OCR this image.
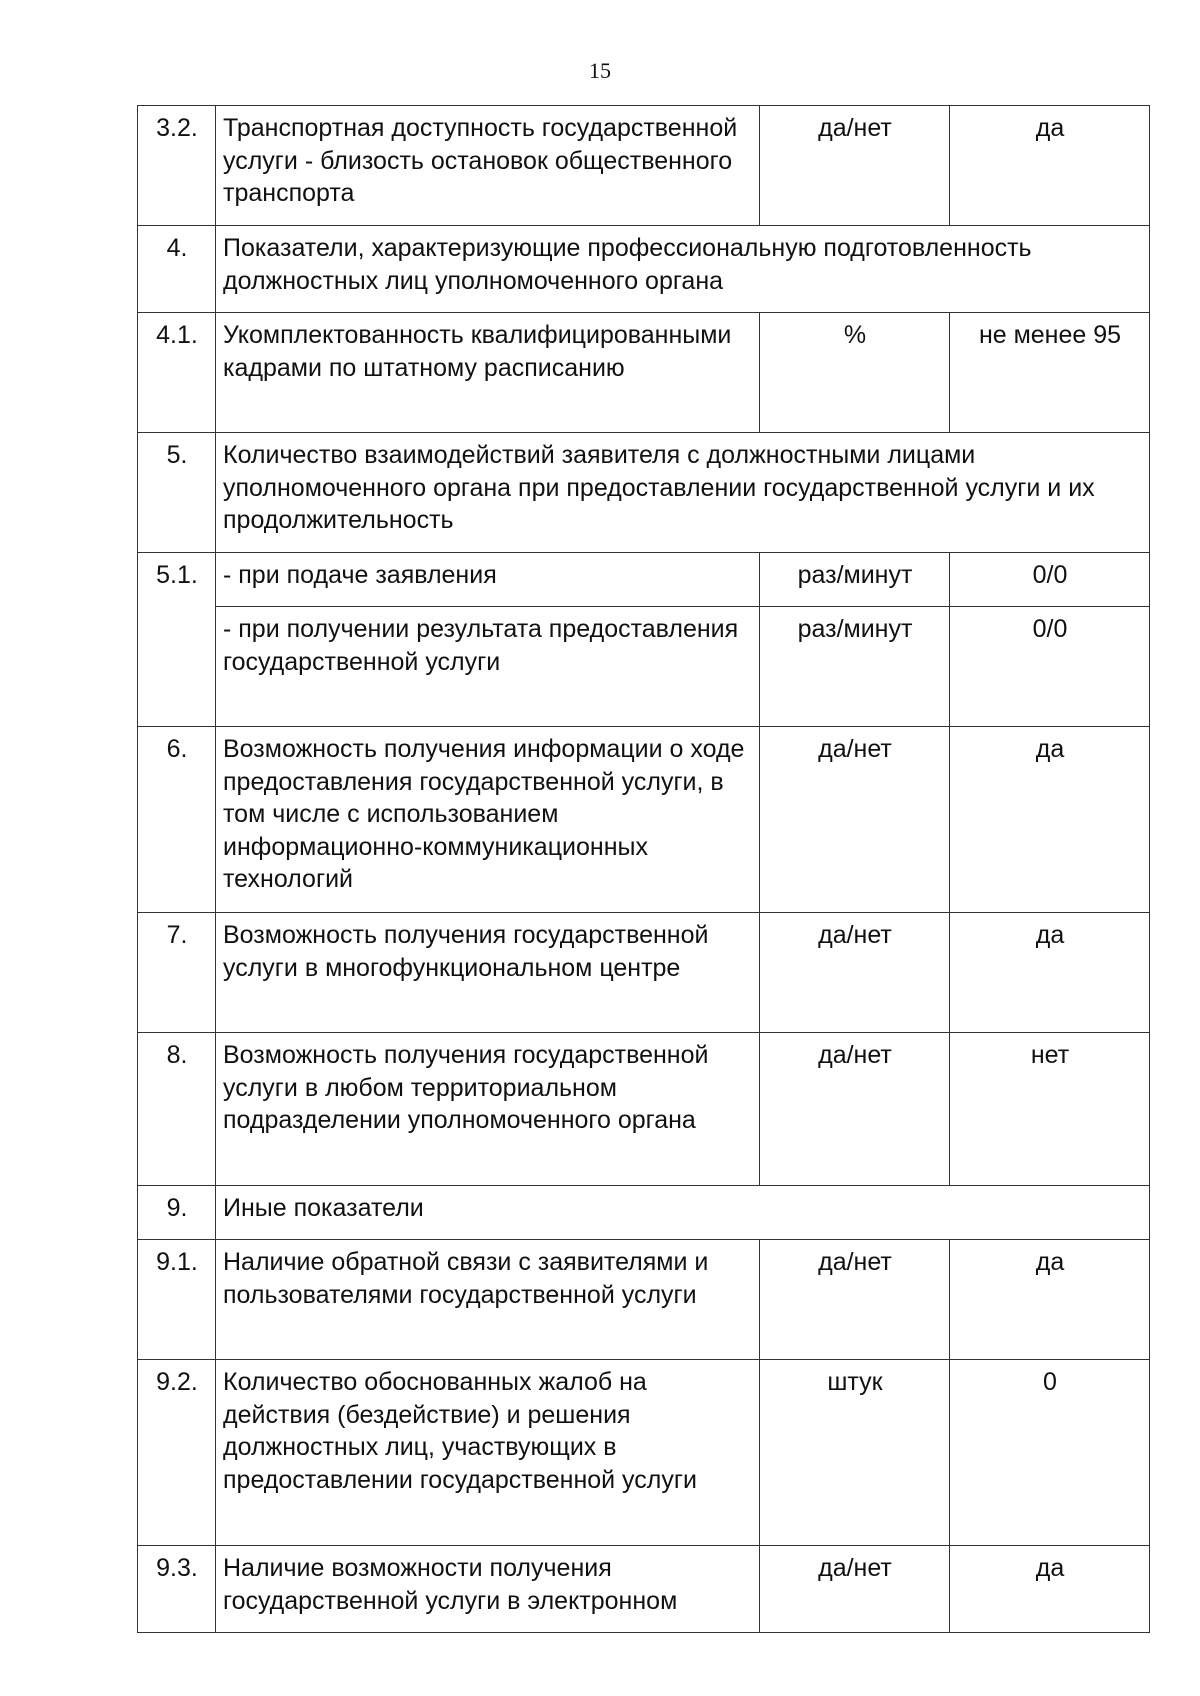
15
3.2.	Транспортная доступность государственной услуги - близость остановок общественного транспорта	да/нет	да
4.	Показатели, характеризующие профессиональную подготовленность должностных лиц уполномоченного органа		
4.1.	Укомплектованность квалифицированными кадрами по штатному расписанию	%	не менее 95
5.	Количество взаимодействий заявителя с должностными лицами уполномоченного органа при предоставлении государственной услуги и их продолжительность		
5.1.	- при подаче заявления	раз/минут	0/0
	- при получении результата предоставления государственной услуги	раз/минут	0/0
6.	Возможность получения информации о ходе предоставления государственной услуги, в том числе с использованием информационно-коммуникационных технологий	да/нет	да
7.	Возможность получения государственной услуги в многофункциональном центре	да/нет	да
8.	Возможность получения государственной услуги в любом территориальном подразделении уполномоченного органа	да/нет	нет
9.	Иные показатели		
9.1.	Наличие обратной связи с заявителями и пользователями государственной услуги	да/нет	да
9.2.	Количество обоснованных жалоб на действия (бездействие) и решения должностных лиц, участвующих в предоставлении государственной услуги	штук	0
9.3.	Наличие возможности получения государственной услуги в электронном	да/нет	да
